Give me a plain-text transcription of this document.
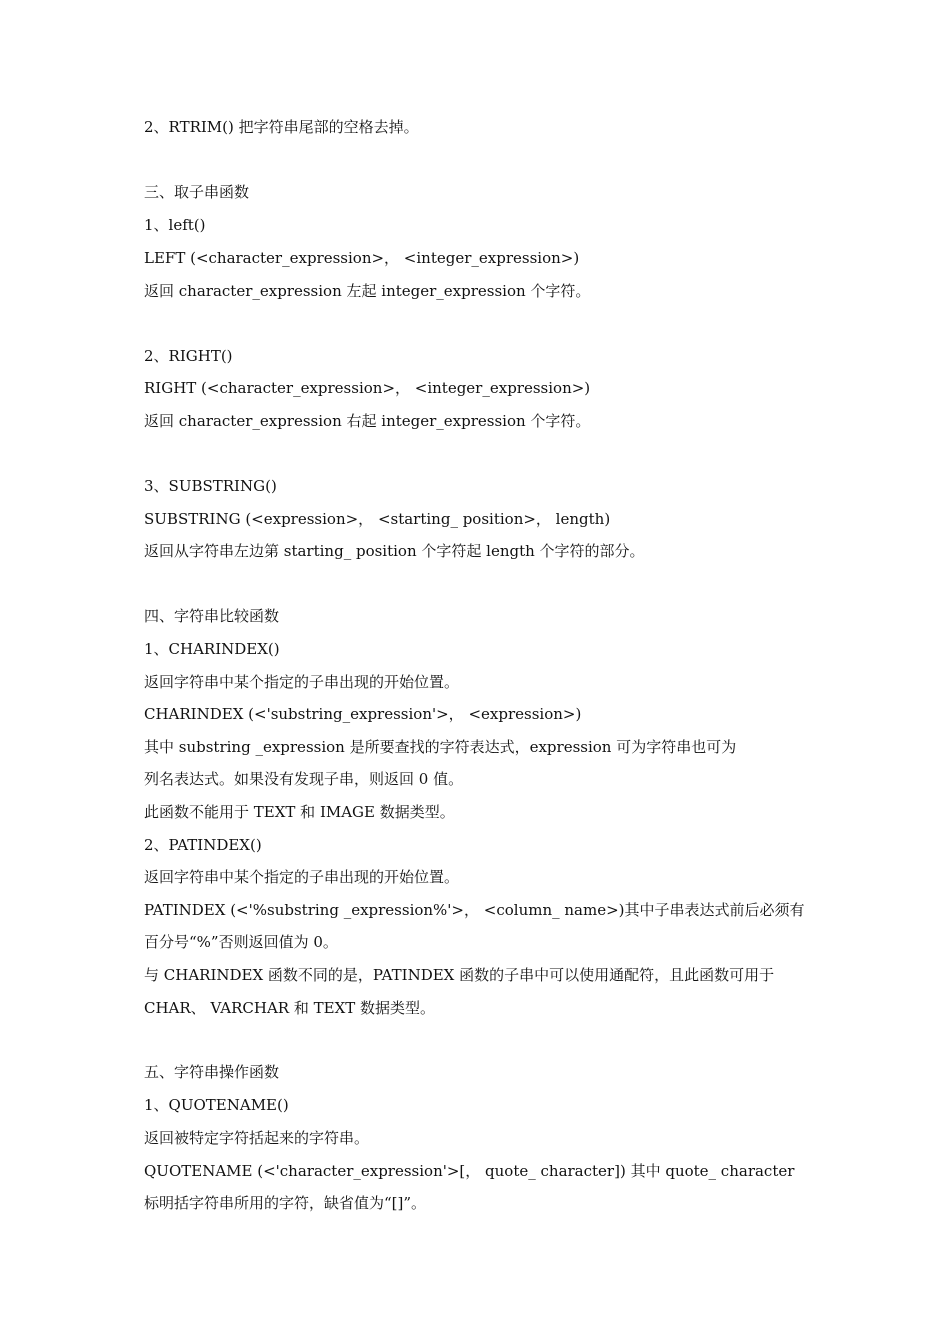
2、RTRIM() 把字符串尾部的空格去掉。
三、取子串函数
1、left()
LEFT (<character_expression>， <integer_expression>)
返回 character_expression 左起 integer_expression 个字符。
2、RIGHT()
RIGHT (<character_expression>， <integer_expression>)
返回 character_expression 右起 integer_expression 个字符。
3、SUBSTRING()
SUBSTRING (<expression>， <starting_ position>， length)
返回从字符串左边第 starting_ position 个字符起 length 个字符的部分。
四、字符串比较函数
1、CHARINDEX()
返回字符串中某个指定的子串出现的开始位置。
CHARINDEX (<'substring_expression'>， <expression>)
其中 substring _expression 是所要查找的字符表达式，expression 可为字符串也可为
列名表达式。如果没有发现子串，则返回 0 值。
此函数不能用于 TEXT 和 IMAGE 数据类型。
2、PATINDEX()
返回字符串中某个指定的子串出现的开始位置。
PATINDEX (<'%substring _expression%'>， <column_ name>)其中子串表达式前后必须有
百分号“%”否则返回值为 0。
与 CHARINDEX 函数不同的是，PATINDEX 函数的子串中可以使用通配符，且此函数可用于
CHAR、 VARCHAR 和 TEXT 数据类型。
五、字符串操作函数
1、QUOTENAME()
返回被特定字符括起来的字符串。
QUOTENAME (<'character_expression'>[， quote_ character]) 其中 quote_ character
标明括字符串所用的字符，缺省值为“[]”。
